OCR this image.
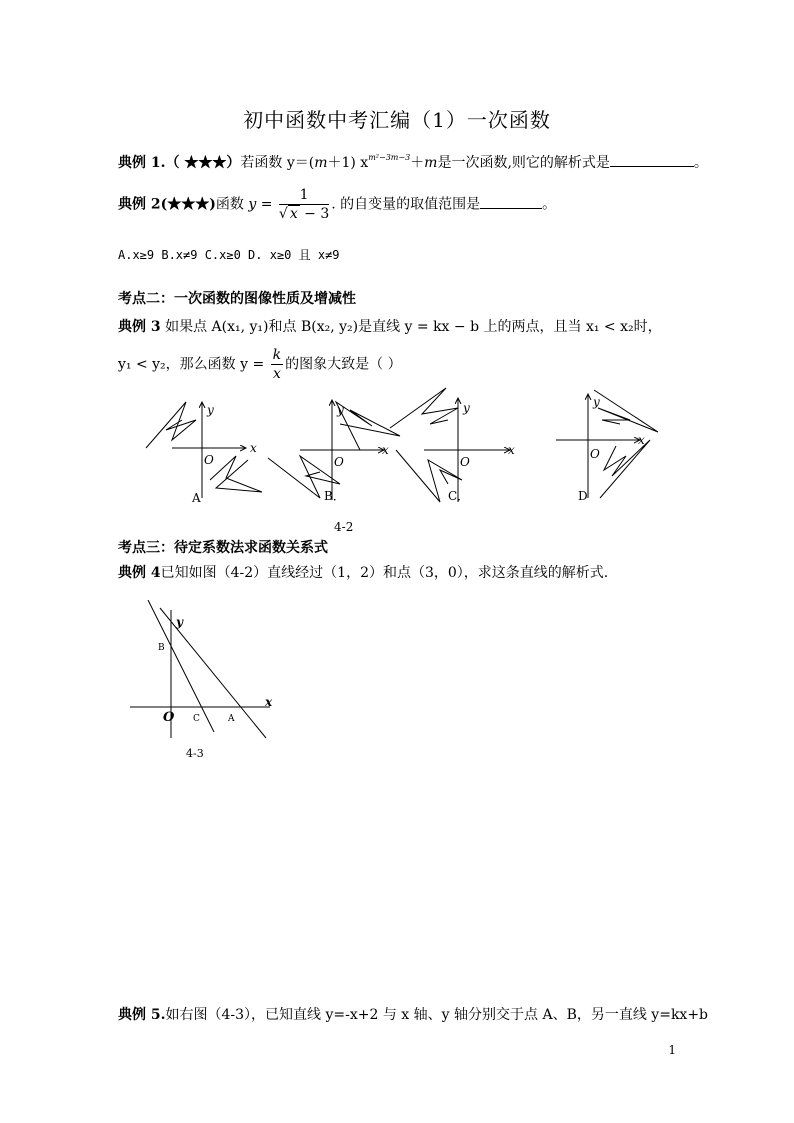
初中函数中考汇编（1）一次函数
典例 1.（ ★★★）若函数 y＝(m＋1) $x^{m^2-3m-3}+m$是一次函数,则它的解析式是	。
典例 2(★★★)函数 $y = \frac{1}{√ x - 3}$ . 的自变量的取值范围是	。
A.x≥9 B.x≠9 C.x≥0 D. x≥0 且 x≠9
考点二：一次函数的图像性质及增减性
典例 3 如果点 A(x₁, y₁)和点 B(x₂, y₂)是直线 y = kx − b 上的两点，且当 x₁ < x₂时，
y₁ < y₂，那么函数 $y = \frac{k}{x}$ 的图象大致是（ ）
y
x
O
A
y
x
O
B．
y
x
O
C．
y
x
O
D
4-2
考点三：待定系数法求函数关系式
典例 4已知如图（4-2）直线经过（1，2）和点（3，0），求这条直线的解析式.
y
x
O
B
C	A
4-3
典例 5.如右图（4-3），已知直线 y=-x+2 与 x 轴、y 轴分别交于点 A、B，另一直线 y=kx+b
1
